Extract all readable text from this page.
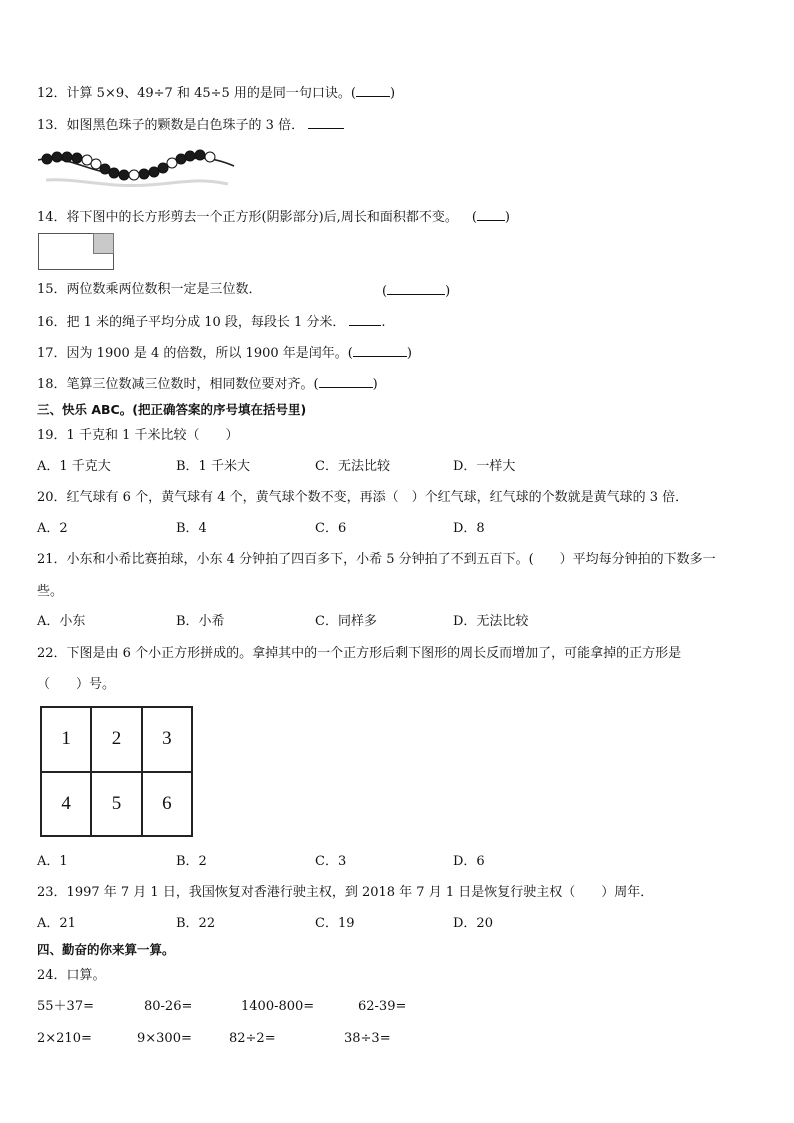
12．计算 5×9、49÷7 和 45÷5 用的是同一句口诀。(	)
13．如图黑色珠子的颗数是白色珠子的 3 倍．
14．将下图中的长方形剪去一个正方形(阴影部分)后,周长和面积都不变。 ( )
15．两位数乘两位数积一定是三位数．	(	)
16．把 1 米的绳子平均分成 10 段，每段长 1 分米．	.
17．因为 1900 是 4 的倍数，所以 1900 年是闰年。(	)
18．笔算三位数减三位数时，相同数位要对齐。(	)
三、快乐 ABC。(把正确答案的序号填在括号里)
19．1 千克和 1 千米比较（　　）
A．1 千克大	B．1 千米大	C．无法比较	D．一样大
20．红气球有 6 个，黄气球有 4 个，黄气球个数不变，再添（　）个红气球，红气球的个数就是黄气球的 3 倍．
A．2	B．4	C．6	D．8
21．小东和小希比赛拍球，小东 4 分钟拍了四百多下，小希 5 分钟拍了不到五百下。(　　）平均每分钟拍的下数多一
些。
A．小东	B．小希	C．同样多	D．无法比较
22．下图是由 6 个小正方形拼成的。拿掉其中的一个正方形后剩下图形的周长反而增加了，可能拿掉的正方形是
（　　）号。
1	2	3
4	5	6
A．1	B．2	C．3	D．6
23．1997 年 7 月 1 日，我国恢复对香港行驶主权，到 2018 年 7 月 1 日是恢复行驶主权（　　）周年．
A．21	B．22	C．19	D．20
四、勤奋的你来算一算。
24．口算。
55＋37=	80-26=	1400-800=	62-39=
2×210=	9×300=	82÷2=	38÷3=
